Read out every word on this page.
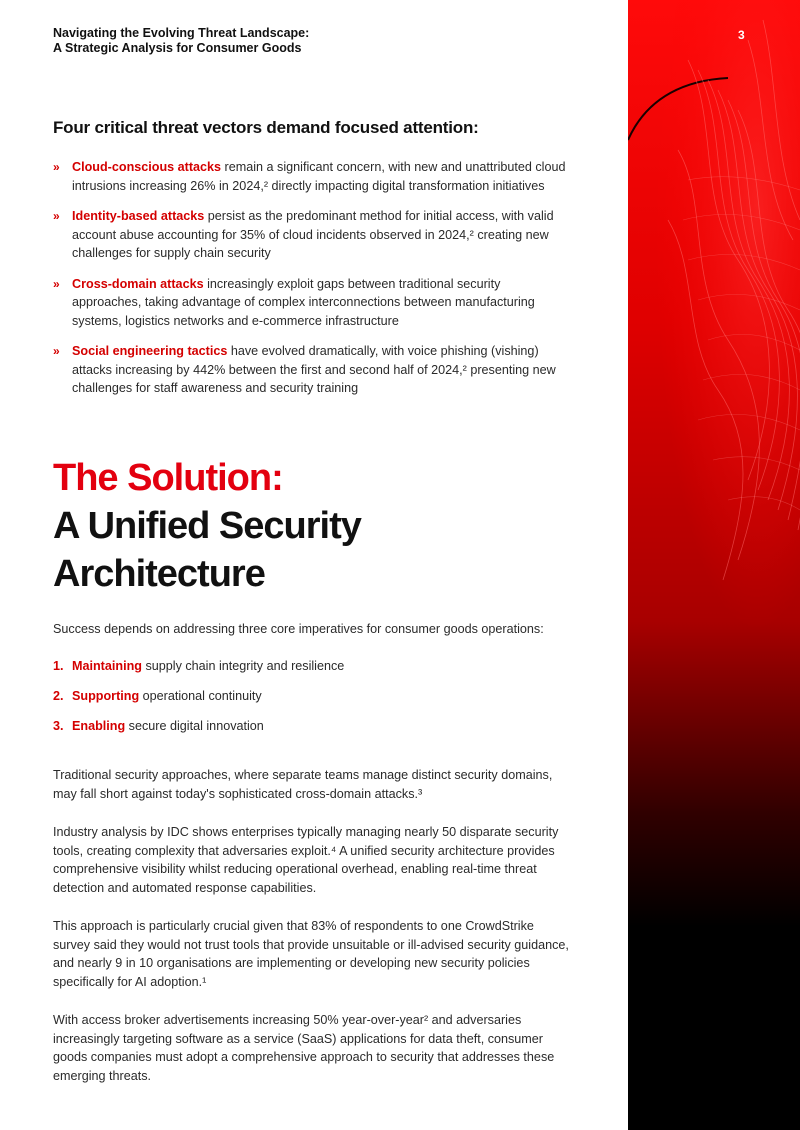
Navigating the Evolving Threat Landscape:
A Strategic Analysis for Consumer Goods
3
Four critical threat vectors demand focused attention:
» Cloud-conscious attacks remain a significant concern, with new and unattributed cloud intrusions increasing 26% in 2024,² directly impacting digital transformation initiatives
» Identity-based attacks persist as the predominant method for initial access, with valid account abuse accounting for 35% of cloud incidents observed in 2024,² creating new challenges for supply chain security
» Cross-domain attacks increasingly exploit gaps between traditional security approaches, taking advantage of complex interconnections between manufacturing systems, logistics networks and e-commerce infrastructure
» Social engineering tactics have evolved dramatically, with voice phishing (vishing) attacks increasing by 442% between the first and second half of 2024,² presenting new challenges for staff awareness and security training
The Solution:
A Unified Security
Architecture
Success depends on addressing three core imperatives for consumer goods operations:
1. Maintaining supply chain integrity and resilience
2. Supporting operational continuity
3. Enabling secure digital innovation

Traditional security approaches, where separate teams manage distinct security domains, may fall short against today's sophisticated cross-domain attacks.³

Industry analysis by IDC shows enterprises typically managing nearly 50 disparate security tools, creating complexity that adversaries exploit.⁴ A unified security architecture provides comprehensive visibility whilst reducing operational overhead, enabling real-time threat detection and automated response capabilities.

This approach is particularly crucial given that 83% of respondents to one CrowdStrike survey said they would not trust tools that provide unsuitable or ill-advised security guidance, and nearly 9 in 10 organisations are implementing or developing new security policies specifically for AI adoption.¹

With access broker advertisements increasing 50% year-over-year² and adversaries increasingly targeting software as a service (SaaS) applications for data theft, consumer goods companies must adopt a comprehensive approach to security that addresses these emerging threats.
